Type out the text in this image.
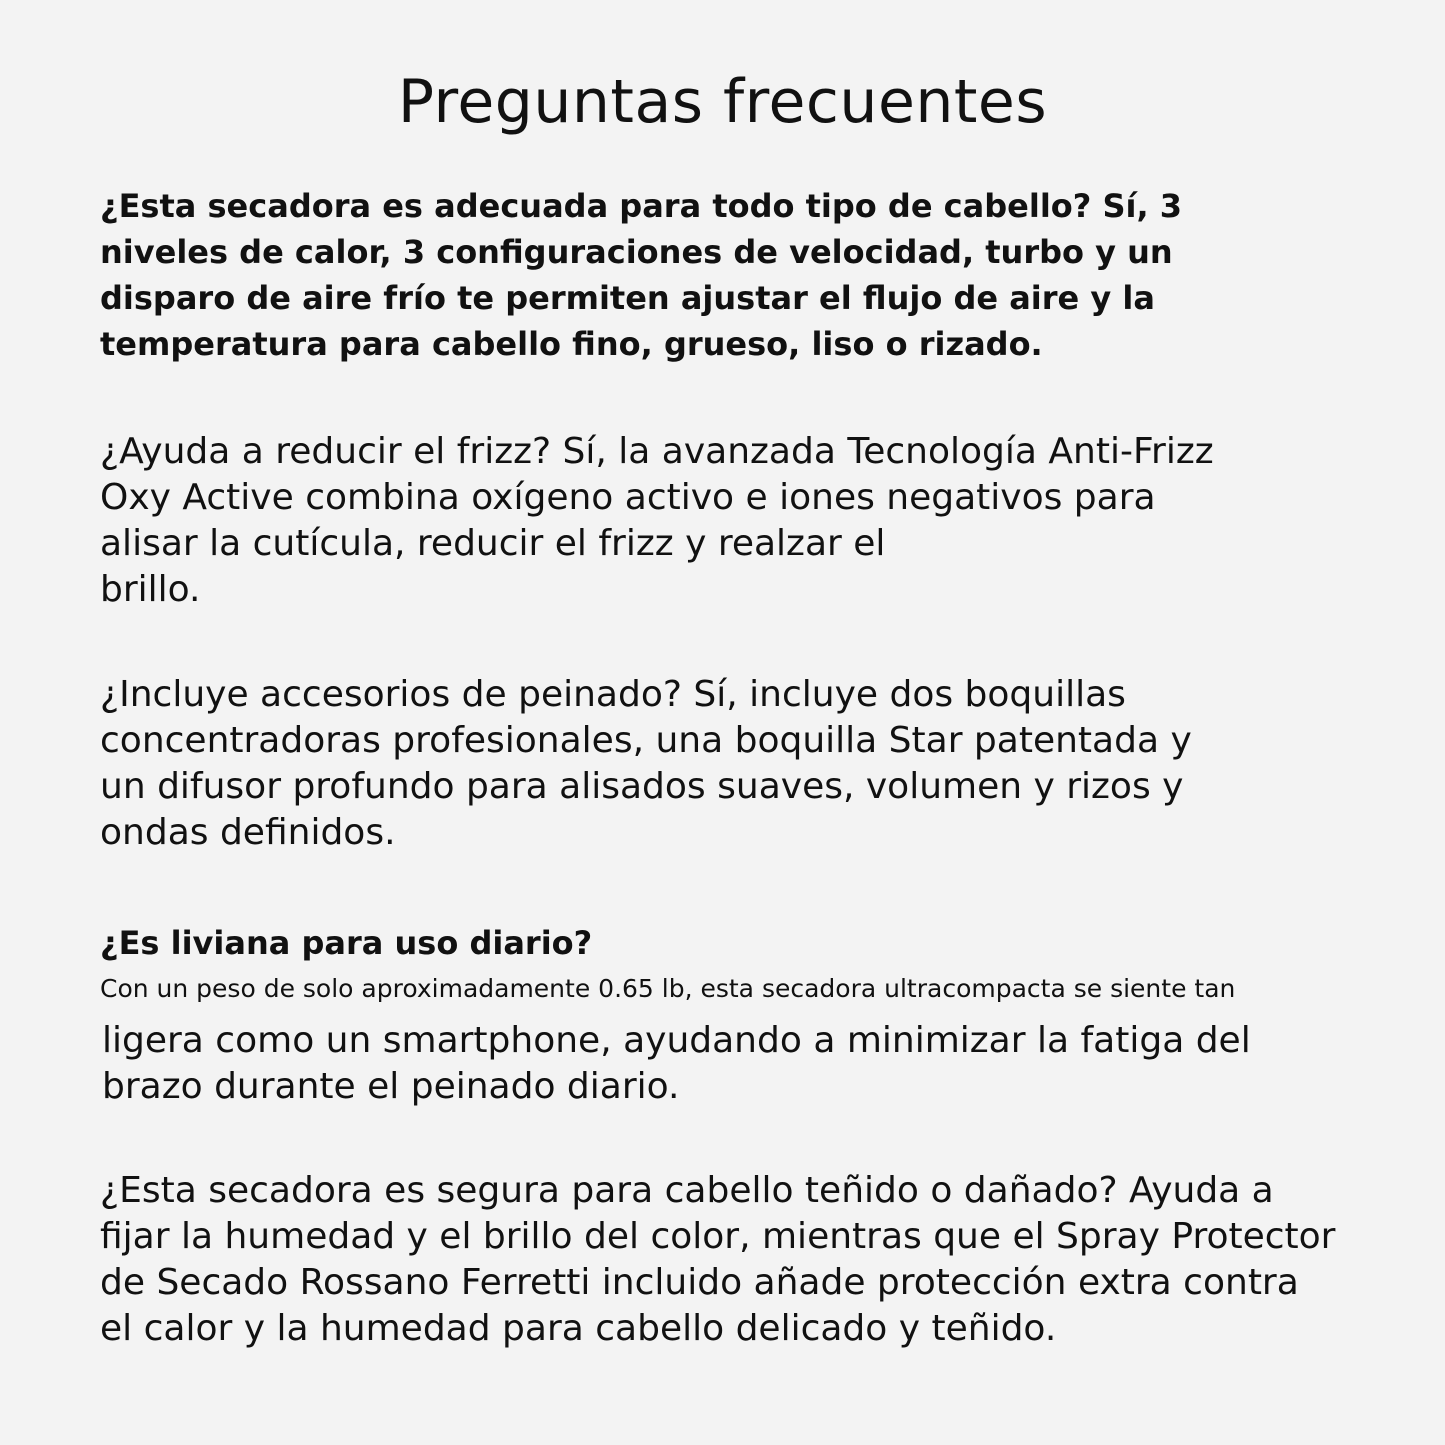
Preguntas frecuentes
¿Esta secadora es adecuada para todo tipo de cabello? Sí, 3
niveles de calor, 3 configuraciones de velocidad, turbo y un
disparo de aire frío te permiten ajustar el flujo de aire y la
temperatura para cabello fino, grueso, liso o rizado.
¿Ayuda a reducir el frizz? Sí, la avanzada Tecnología Anti-Frizz
Oxy Active combina oxígeno activo e iones negativos para
alisar la cutícula, reducir el frizz y realzar el
brillo.
¿Incluye accesorios de peinado? Sí, incluye dos boquillas
concentradoras profesionales, una boquilla Star patentada y
un difusor profundo para alisados suaves, volumen y rizos y
ondas definidos.
¿Es liviana para uso diario?
Con un peso de solo aproximadamente 0.65 lb, esta secadora ultracompacta se siente tan
ligera como un smartphone, ayudando a minimizar la fatiga del
brazo durante el peinado diario.
¿Esta secadora es segura para cabello teñido o dañado? Ayuda a
fijar la humedad y el brillo del color, mientras que el Spray Protector
de Secado Rossano Ferretti incluido añade protección extra contra
el calor y la humedad para cabello delicado y teñido.
